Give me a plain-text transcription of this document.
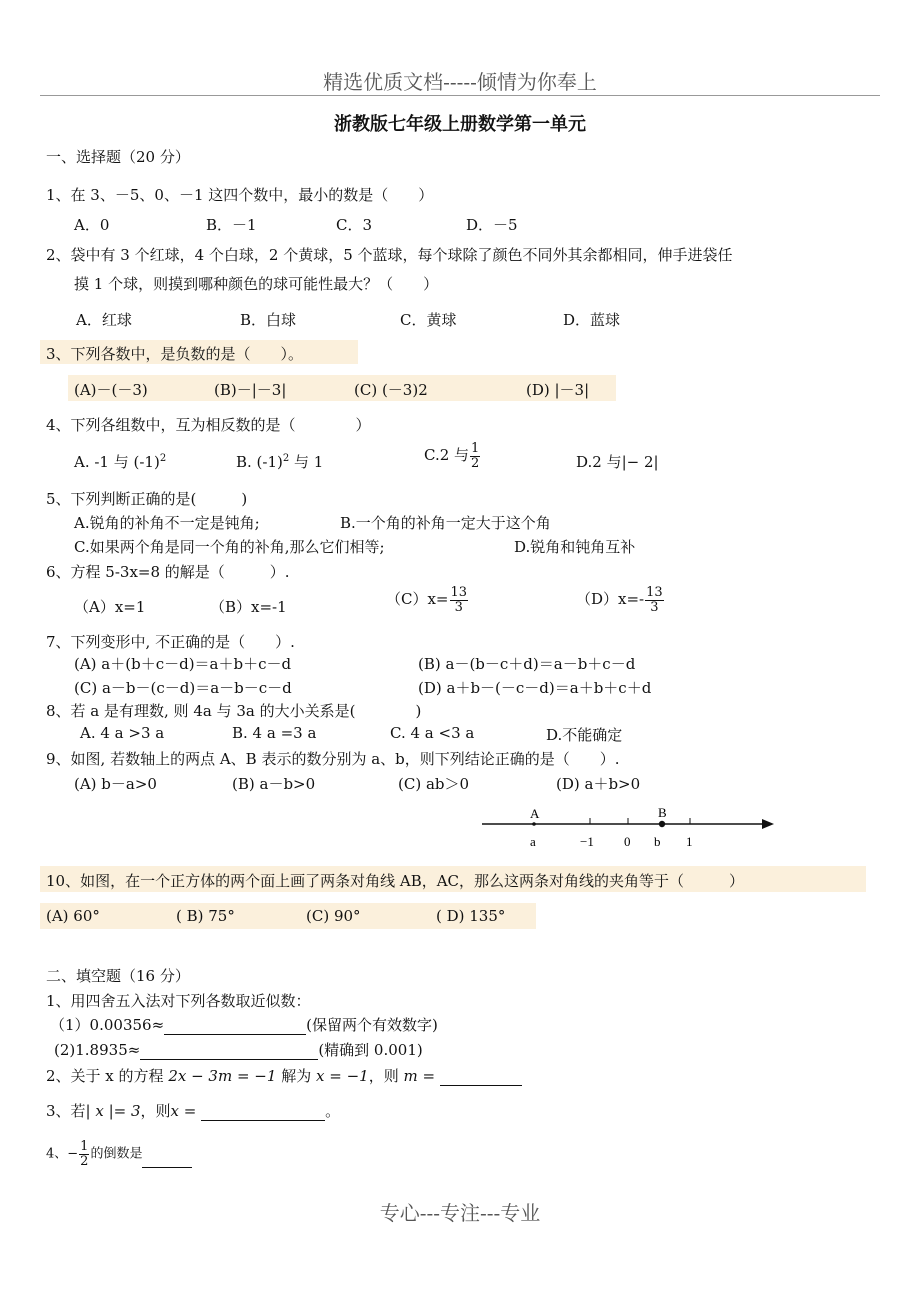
精选优质文档-----倾情为你奉上
浙教版七年级上册数学第一单元
一、选择题（20 分）
1、在 3、－5、0、－1 这四个数中，最小的数是（　　）
A．0	B．－1	C．3	D．－5
2、袋中有 3 个红球，4 个白球，2 个黄球，5 个蓝球，每个球除了颜色不同外其余都相同，伸手进袋任
摸 1 个球，则摸到哪种颜色的球可能性最大？（　　）
A．红球	B．白球	C．黄球	D．蓝球
3、下列各数中，是负数的是（　　）。
(A)－(－3)	(B)－|－3|	(C) (－3)2	(D) |－3|
4、下列各组数中，互为相反数的是（　　　　）
A. -1 与 $(-1)^2$	B. $(-1)^2$ 与 1	C.2 与 $\frac{1}{2}$	D.2 与|− 2|
5、下列判断正确的是(　　　)
A.锐角的补角不一定是钝角;	B.一个角的补角一定大于这个角
C.如果两个角是同一个角的补角,那么它们相等;	D.锐角和钝角互补
6、方程 5-3x=8 的解是（　　　）.
（A）x=1	（B）x=-1	$(C)x= \frac{13}{3}$	$(D)x=- \frac{13}{3}$
7、下列变形中, 不正确的是（　　）.
(A) a＋(b＋c－d)＝a＋b＋c－d	(B) a－(b－c＋d)＝a－b＋c－d
(C) a－b－(c－d)＝a－b－c－d	(D) a＋b－(－c－d)＝a＋b＋c＋d
8、若 a 是有理数, 则 4a 与 3a 的大小关系是(　　　　)
A. 4 a >3 a	B. 4 a =3 a	C. 4 a <3 a	D.不能确定
9、如图, 若数轴上的两点 A、B 表示的数分别为 a、b，则下列结论正确的是（　　）.
(A) b－a>0	(B) a－b>0	(C) ab＞0	(D) a＋b>0
A	B
a	−1 0 b 1
10、如图，在一个正方体的两个面上画了两条对角线 AB，AC，那么这两条对角线的夹角等于（　　　）
(A) 60°	( B) 75°	(C) 90°	( D) 135°
二、填空题（16 分）
1、用四舍五入法对下列各数取近似数：
（1）0.00356≈	(保留两个有效数字)
(2)1.8935≈	(精确到 0.001)
2、关于 x 的方程 2x − 3m = −1 解为 x = −1，则 m =
3、若| x |= 3，则x =	。
4、− $\frac{1}{2}$ 的倒数是
专心---专注---专业
